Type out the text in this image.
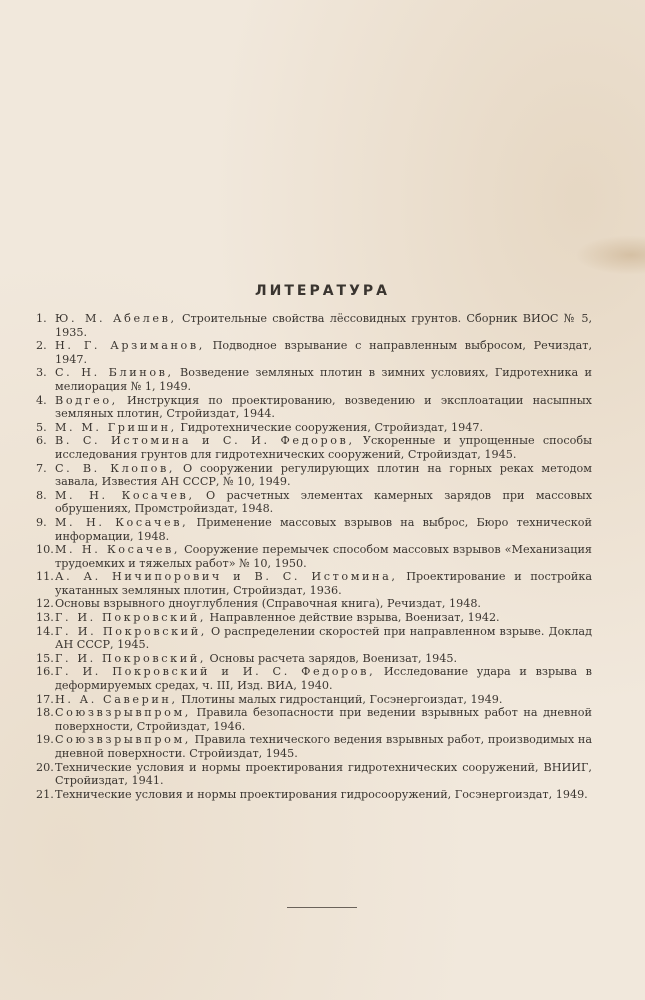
ЛИТЕРАТУРА
1. Ю. М. Абелев, Строительные свойства лёссовидных грунтов. Сборник ВИОС № 5, 1935.
2. Н. Г. Арзиманов, Подводное взрывание с направленным выбросом, Речиздат, 1947.
3. С. Н. Блинов, Возведение земляных плотин в зимних условиях, Гидротехника и мелиорация № 1, 1949.
4. Водгео, Инструкция по проектированию, возведению и эксплоатации насыпных земляных плотин, Стройиздат, 1944.
5. М. М. Гришин, Гидротехнические сооружения, Стройиздат, 1947.
6. В. С. Истомина и С. И. Федоров, Ускоренные и упрощенные способы исследования грунтов для гидротехнических сооружений, Стройиздат, 1945.
7. С. В. Клопов, О сооружении регулирующих плотин на горных реках методом завала, Известия АН СССР, № 10, 1949.
8. М. Н. Косачев, О расчетных элементах камерных зарядов при массовых обрушениях, Промстройиздат, 1948.
9. М. Н. Косачев, Применение массовых взрывов на выброс, Бюро технической информации, 1948.
10. М. Н. Косачев, Сооружение перемычек способом массовых взрывов «Механизация трудоемких и тяжелых работ» № 10, 1950.
11. А. А. Ничипорович и В. С. Истомина, Проектирование и постройка укатанных земляных плотин, Стройиздат, 1936.
12. Основы взрывного дноуглубления (Справочная книга), Речиздат, 1948.
13. Г. И. Покровский, Направленное действие взрыва, Военизат, 1942.
14. Г. И. Покровский, О распределении скоростей при направленном взрыве. Доклад АН СССР, 1945.
15. Г. И. Покровский, Основы расчета зарядов, Военизат, 1945.
16. Г. И. Покровский и И. С. Федоров, Исследование удара и взрыва в деформируемых средах, ч. III, Изд. ВИА, 1940.
17. Н. А. Саверин, Плотины малых гидростанций, Госэнергоиздат, 1949.
18. Союзвзрывпром, Правила безопасности при ведении взрывных работ на дневной поверхности, Стройиздат, 1946.
19. Союзвзрывпром, Правила технического ведения взрывных работ, производимых на дневной поверхности. Стройиздат, 1945.
20. Технические условия и нормы проектирования гидротехнических сооружений, ВНИИГ, Стройиздат, 1941.
21. Технические условия и нормы проектирования гидросооружений, Госэнергоиздат, 1949.
